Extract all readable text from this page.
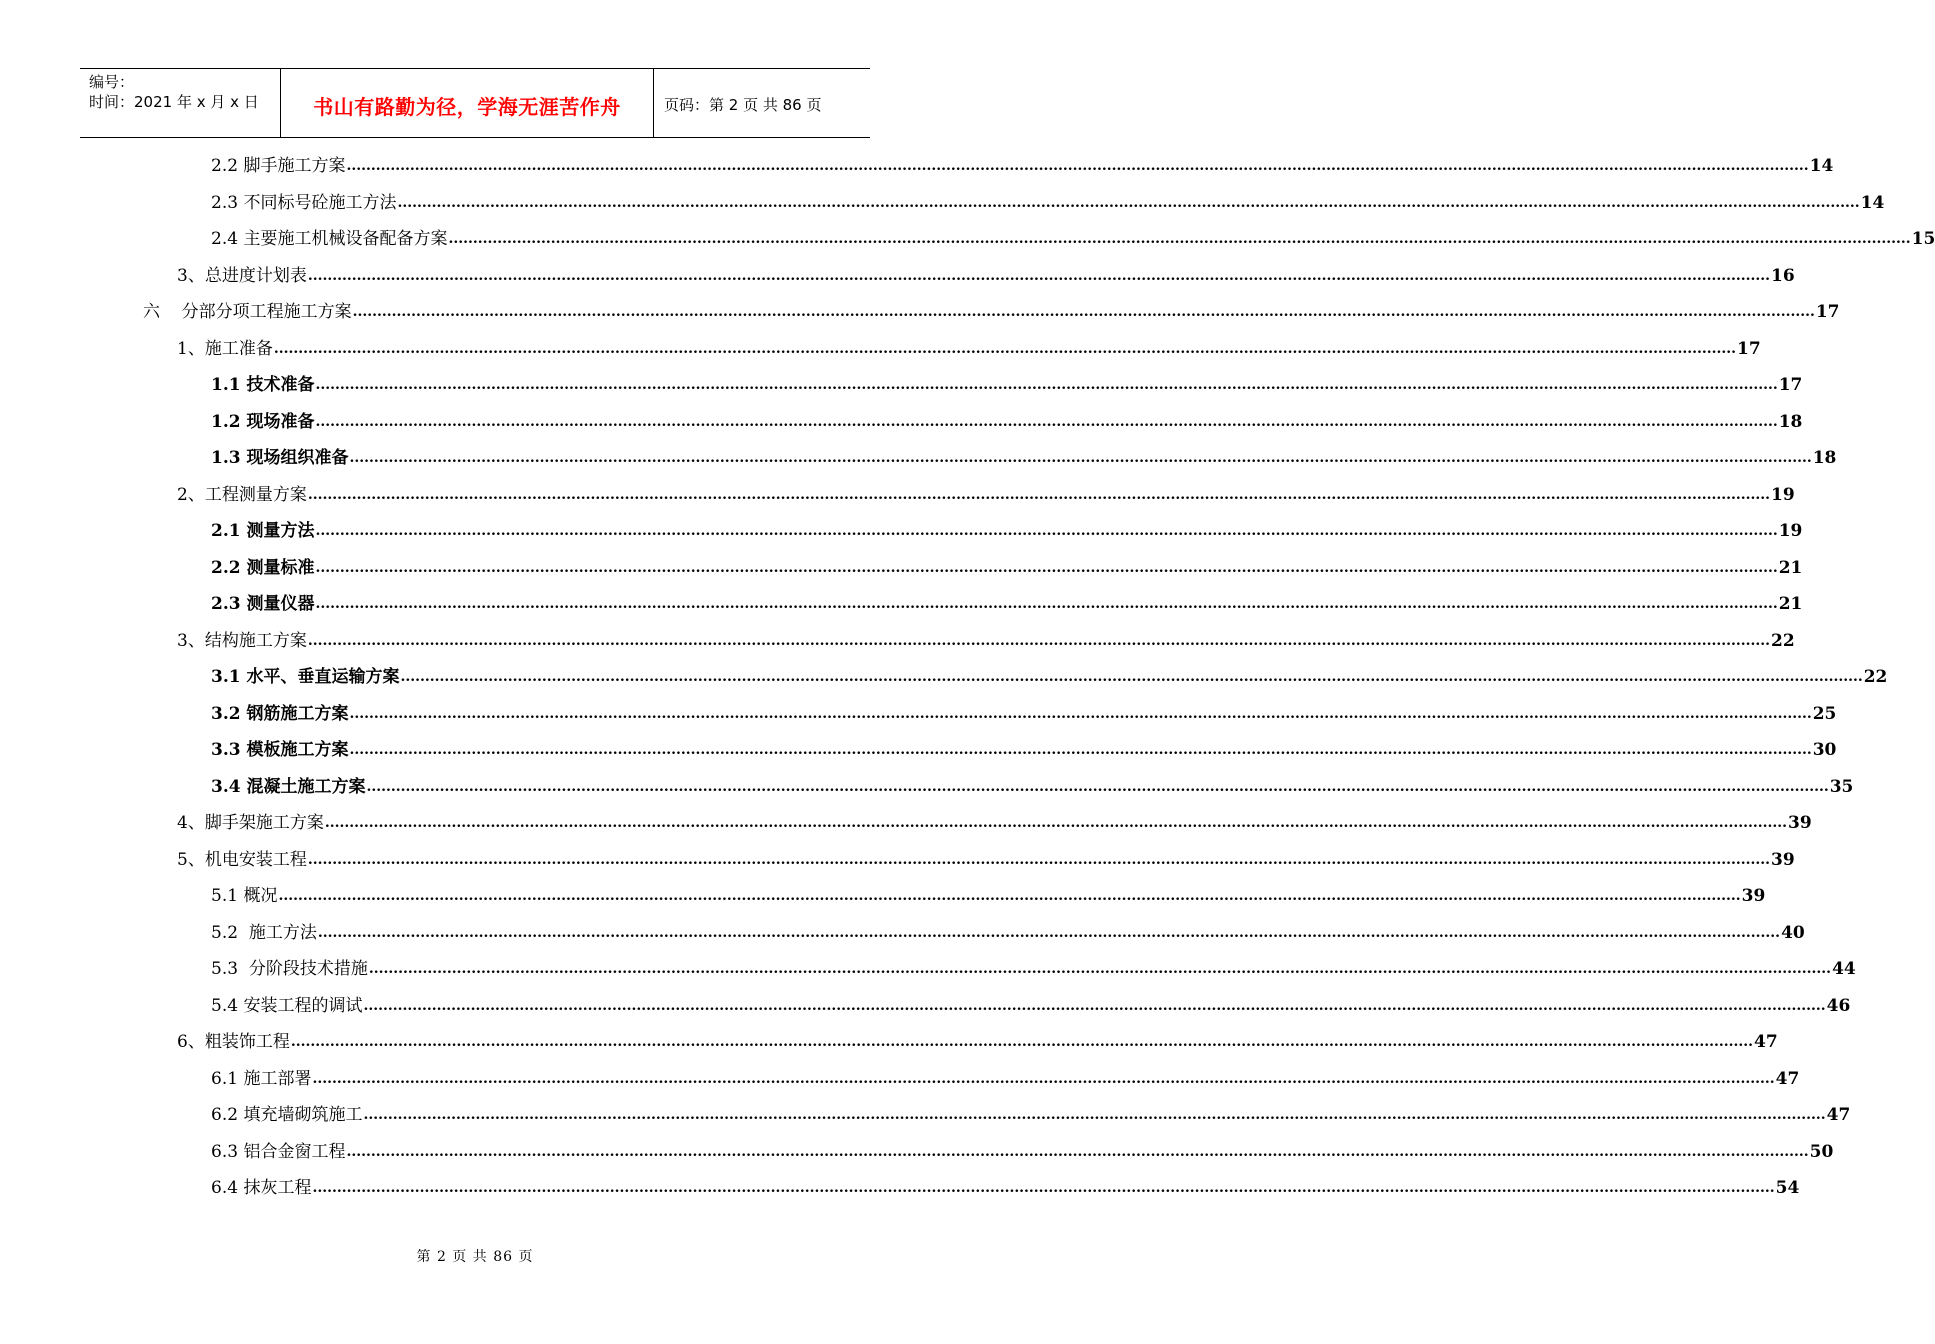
编号：
时间：2021 年 x 月 x 日	书山有路勤为径，学海无涯苦作舟	页码：第 2 页 共 86 页
2.2 脚手施工方案 ............................................................................................................................................................................................................................................................................................................ 14
2.3 不同标号砼施工方法 ............................................................................................................................................................................................................................................................................................................ 14
2.4 主要施工机械设备配备方案 ............................................................................................................................................................................................................................................................................................................ 15
3、总进度计划表 ............................................................................................................................................................................................................................................................................................................ 16
六    分部分项工程施工方案 ............................................................................................................................................................................................................................................................................................................ 17
1、施工准备 ............................................................................................................................................................................................................................................................................................................ 17
1.1 技术准备 ............................................................................................................................................................................................................................................................................................................ 17
1.2 现场准备 ............................................................................................................................................................................................................................................................................................................ 18
1.3 现场组织准备 ............................................................................................................................................................................................................................................................................................................ 18
2、工程测量方案 ............................................................................................................................................................................................................................................................................................................ 19
2.1 测量方法 ............................................................................................................................................................................................................................................................................................................ 19
2.2 测量标准 ............................................................................................................................................................................................................................................................................................................ 21
2.3 测量仪器 ............................................................................................................................................................................................................................................................................................................ 21
3、结构施工方案 ............................................................................................................................................................................................................................................................................................................ 22
3.1 水平、垂直运输方案 ............................................................................................................................................................................................................................................................................................................ 22
3.2 钢筋施工方案 ............................................................................................................................................................................................................................................................................................................ 25
3.3 模板施工方案 ............................................................................................................................................................................................................................................................................................................ 30
3.4 混凝土施工方案 ............................................................................................................................................................................................................................................................................................................ 35
4、脚手架施工方案 ............................................................................................................................................................................................................................................................................................................ 39
5、机电安装工程 ............................................................................................................................................................................................................................................................................................................ 39
5.1 概况 ............................................................................................................................................................................................................................................................................................................ 39
5.2  施工方法 ............................................................................................................................................................................................................................................................................................................ 40
5.3  分阶段技术措施 ............................................................................................................................................................................................................................................................................................................ 44
5.4 安装工程的调试 ............................................................................................................................................................................................................................................................................................................ 46
6、粗装饰工程 ............................................................................................................................................................................................................................................................................................................ 47
6.1 施工部署 ............................................................................................................................................................................................................................................................................................................ 47
6.2 填充墙砌筑施工 ............................................................................................................................................................................................................................................................................................................ 47
6.3 铝合金窗工程 ............................................................................................................................................................................................................................................................................................................ 50
6.4 抹灰工程 ............................................................................................................................................................................................................................................................................................................ 54
第 2 页 共 86 页
